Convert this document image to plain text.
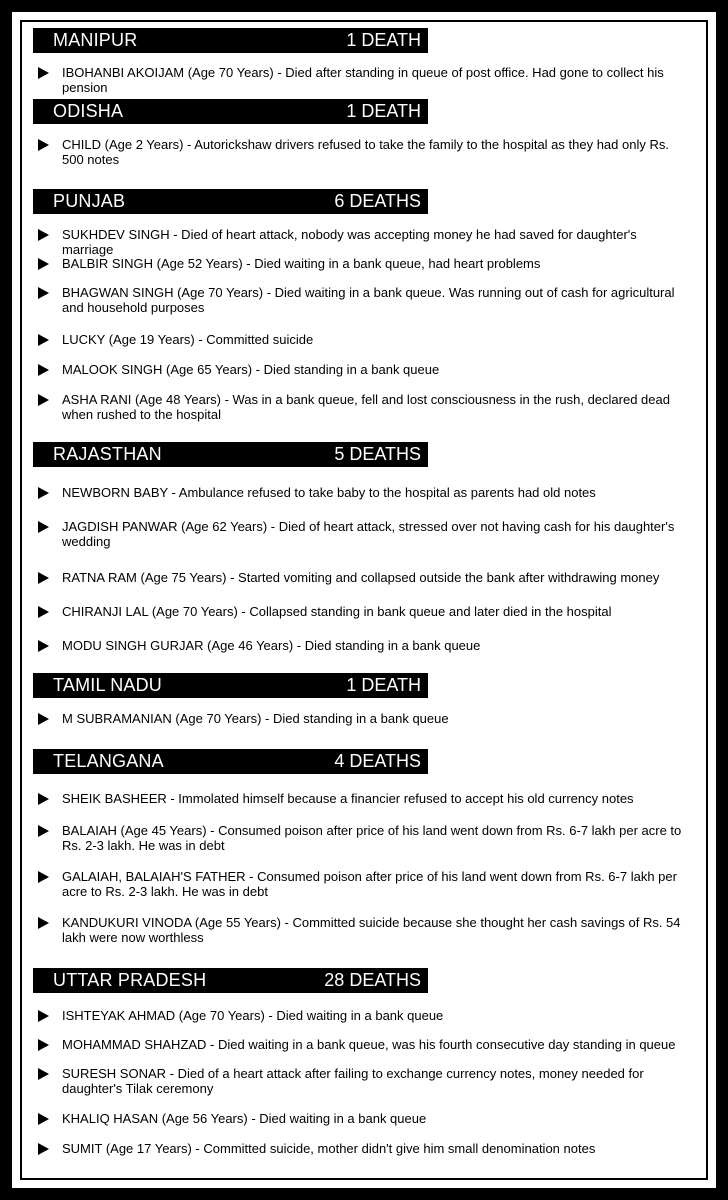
MANIPUR	1 DEATH
IBOHANBI AKOIJAM (Age 70 Years) - Died after standing in queue of post office. Had gone to collect his pension
ODISHA	1 DEATH
CHILD (Age 2 Years) - Autorickshaw drivers refused to take the family to the hospital as they had only Rs. 500 notes
PUNJAB	6 DEATHS
SUKHDEV SINGH - Died of heart attack, nobody was accepting money he had saved for daughter's marriage
BALBIR SINGH (Age 52 Years) - Died waiting in a bank queue, had heart problems
BHAGWAN SINGH (Age 70 Years) - Died waiting in a bank queue. Was running out of cash for agricultural and household purposes
LUCKY (Age 19 Years) - Committed suicide
MALOOK SINGH (Age 65 Years) - Died standing in a bank queue
ASHA RANI (Age 48 Years) - Was in a bank queue, fell and lost consciousness in the rush, declared dead when rushed to the hospital
RAJASTHAN	5 DEATHS
NEWBORN BABY - Ambulance refused to take baby to the hospital as parents had old notes
JAGDISH PANWAR (Age 62 Years) - Died of heart attack, stressed over not having cash for his daughter's wedding
RATNA RAM (Age 75 Years) - Started vomiting and collapsed outside the bank after withdrawing money
CHIRANJI LAL (Age 70 Years) - Collapsed standing in bank queue and later died in the hospital
MODU SINGH GURJAR (Age 46 Years) - Died standing in a bank queue
TAMIL NADU	1 DEATH
M SUBRAMANIAN (Age 70 Years) - Died standing in a bank queue
TELANGANA	4 DEATHS
SHEIK BASHEER - Immolated himself because a financier refused to accept his old currency notes
BALAIAH (Age 45 Years) - Consumed poison after price of his land went down from Rs. 6-7 lakh per acre to Rs. 2-3 lakh. He was in debt
GALAIAH, BALAIAH'S FATHER - Consumed poison after price of his land went down from Rs. 6-7 lakh per acre to Rs. 2-3 lakh. He was in debt
KANDUKURI VINODA (Age 55 Years) - Committed suicide because she thought her cash savings of Rs. 54 lakh were now worthless
UTTAR PRADESH	28 DEATHS
ISHTEYAK AHMAD (Age 70 Years) - Died waiting in a bank queue
MOHAMMAD SHAHZAD - Died waiting in a bank queue, was his fourth consecutive day standing in queue
SURESH SONAR - Died of a heart attack after failing to exchange currency notes, money needed for daughter's Tilak ceremony
KHALIQ HASAN (Age 56 Years) - Died waiting in a bank queue
SUMIT (Age 17 Years) - Committed suicide, mother didn't give him small denomination notes
